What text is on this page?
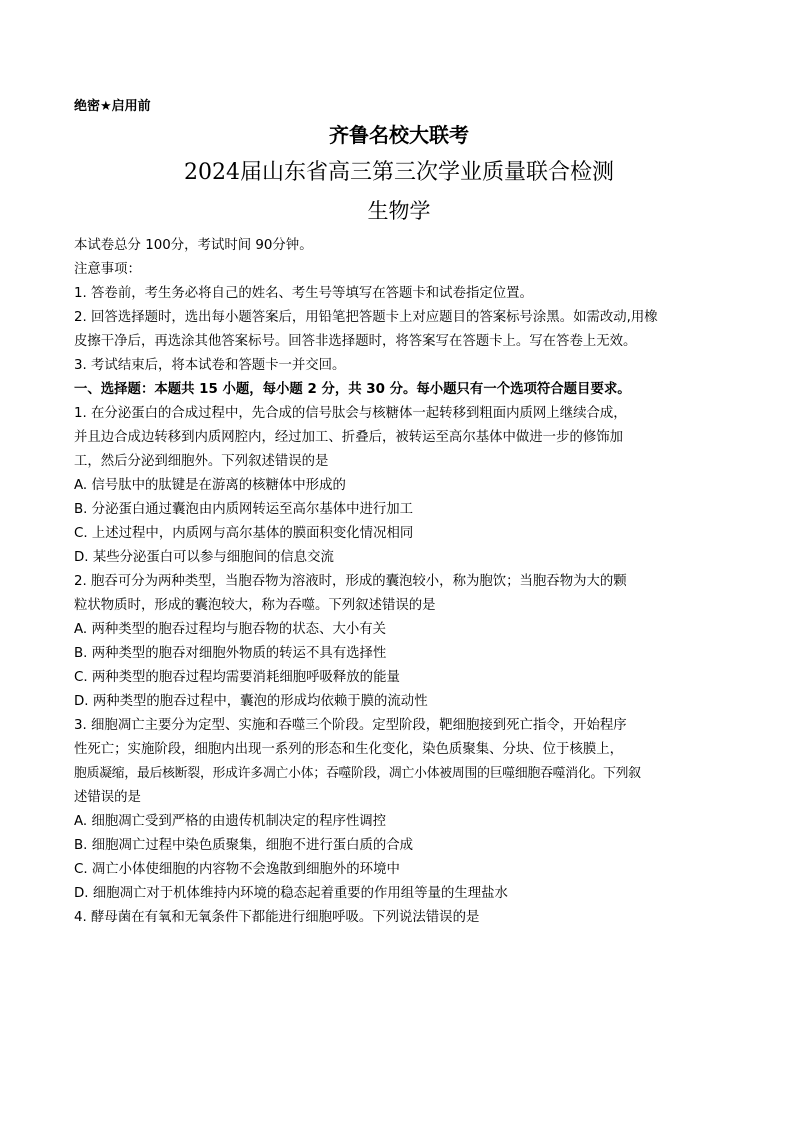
绝密★启用前
齐鲁名校大联考
2024届山东省高三第三次学业质量联合检测
生物学
本试卷总分 100分，考试时间 90分钟。
注意事项：
1. 答卷前，考生务必将自己的姓名、考生号等填写在答题卡和试卷指定位置。
2. 回答选择题时，选出每小题答案后，用铅笔把答题卡上对应题目的答案标号涂黑。如需改动,用橡
皮擦干净后，再选涂其他答案标号。回答非选择题时，将答案写在答题卡上。写在答卷上无效。
3. 考试结束后，将本试卷和答题卡一并交回。
一、选择题：本题共 15 小题，每小题 2 分，共 30 分。每小题只有一个选项符合题目要求。
1. 在分泌蛋白的合成过程中，先合成的信号肽会与核糖体一起转移到粗面内质网上继续合成，
并且边合成边转移到内质网腔内，经过加工、折叠后，被转运至高尔基体中做进一步的修饰加
工，然后分泌到细胞外。下列叙述错误的是
A. 信号肽中的肽键是在游离的核糖体中形成的
B. 分泌蛋白通过囊泡由内质网转运至高尔基体中进行加工
C. 上述过程中，内质网与高尔基体的膜面积变化情况相同
D. 某些分泌蛋白可以参与细胞间的信息交流
2. 胞吞可分为两种类型，当胞吞物为溶液时，形成的囊泡较小，称为胞饮；当胞吞物为大的颗
粒状物质时，形成的囊泡较大，称为吞噬。下列叙述错误的是
A. 两种类型的胞吞过程均与胞吞物的状态、大小有关
B. 两种类型的胞吞对细胞外物质的转运不具有选择性
C. 两种类型的胞吞过程均需要消耗细胞呼吸释放的能量
D. 两种类型的胞吞过程中，囊泡的形成均依赖于膜的流动性
3. 细胞凋亡主要分为定型、实施和吞噬三个阶段。定型阶段，靶细胞接到死亡指令，开始程序
性死亡；实施阶段，细胞内出现一系列的形态和生化变化，染色质聚集、分块、位于核膜上，
胞质凝缩，最后核断裂，形成许多凋亡小体；吞噬阶段，凋亡小体被周围的巨噬细胞吞噬消化。下列叙
述错误的是
A. 细胞凋亡受到严格的由遗传机制决定的程序性调控
B. 细胞凋亡过程中染色质聚集，细胞不进行蛋白质的合成
C. 凋亡小体使细胞的内容物不会逸散到细胞外的环境中
D. 细胞凋亡对于机体维持内环境的稳态起着重要的作用组等量的生理盐水
4. 酵母菌在有氧和无氧条件下都能进行细胞呼吸。下列说法错误的是
